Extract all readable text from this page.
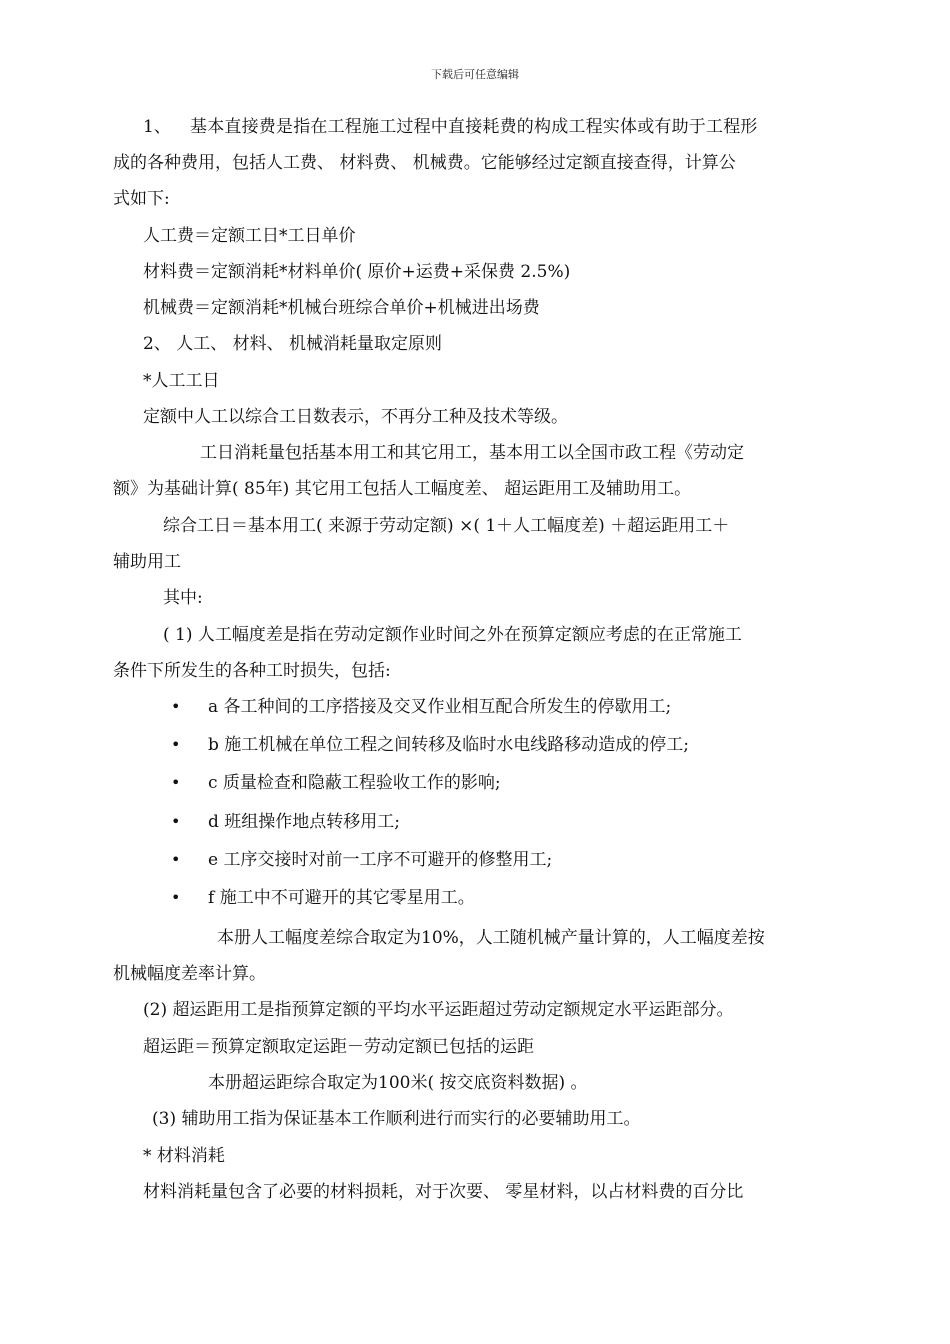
下载后可任意编辑
1、 基本直接费是指在工程施工过程中直接耗费的构成工程实体或有助于工程形
成的各种费用，包括人工费、 材料费、 机械费。它能够经过定额直接查得，计算公
式如下:
人工费＝定额工日*工日单价
材料费＝定额消耗*材料单价( 原价+运费+采保费 2.5%)
机械费＝定额消耗*机械台班综合单价+机械进出场费
2、 人工、 材料、 机械消耗量取定原则
*人工工日
定额中人工以综合工日数表示，不再分工种及技术等级。
工日消耗量包括基本用工和其它用工，基本用工以全国市政工程《劳动定
额》为基础计算( 85年) 其它用工包括人工幅度差、 超运距用工及辅助用工。
综合工日＝基本用工( 来源于劳动定额) ×( 1＋人工幅度差) ＋超运距用工＋
辅助用工
其中:
( 1) 人工幅度差是指在劳动定额作业时间之外在预算定额应考虑的在正常施工
条件下所发生的各种工时损失，包括:
• a 各工种间的工序搭接及交叉作业相互配合所发生的停歇用工;
• b 施工机械在单位工程之间转移及临时水电线路移动造成的停工;
• c 质量检查和隐蔽工程验收工作的影响;
• d 班组操作地点转移用工;
• e 工序交接时对前一工序不可避开的修整用工;
• f 施工中不可避开的其它零星用工。
本册人工幅度差综合取定为10%，人工随机械产量计算的，人工幅度差按
机械幅度差率计算。
(2) 超运距用工是指预算定额的平均水平运距超过劳动定额规定水平运距部分。
超运距＝预算定额取定运距－劳动定额已包括的运距
本册超运距综合取定为100米( 按交底资料数据) 。
(3) 辅助用工指为保证基本工作顺利进行而实行的必要辅助用工。
* 材料消耗
材料消耗量包含了必要的材料损耗，对于次要、 零星材料，以占材料费的百分比
